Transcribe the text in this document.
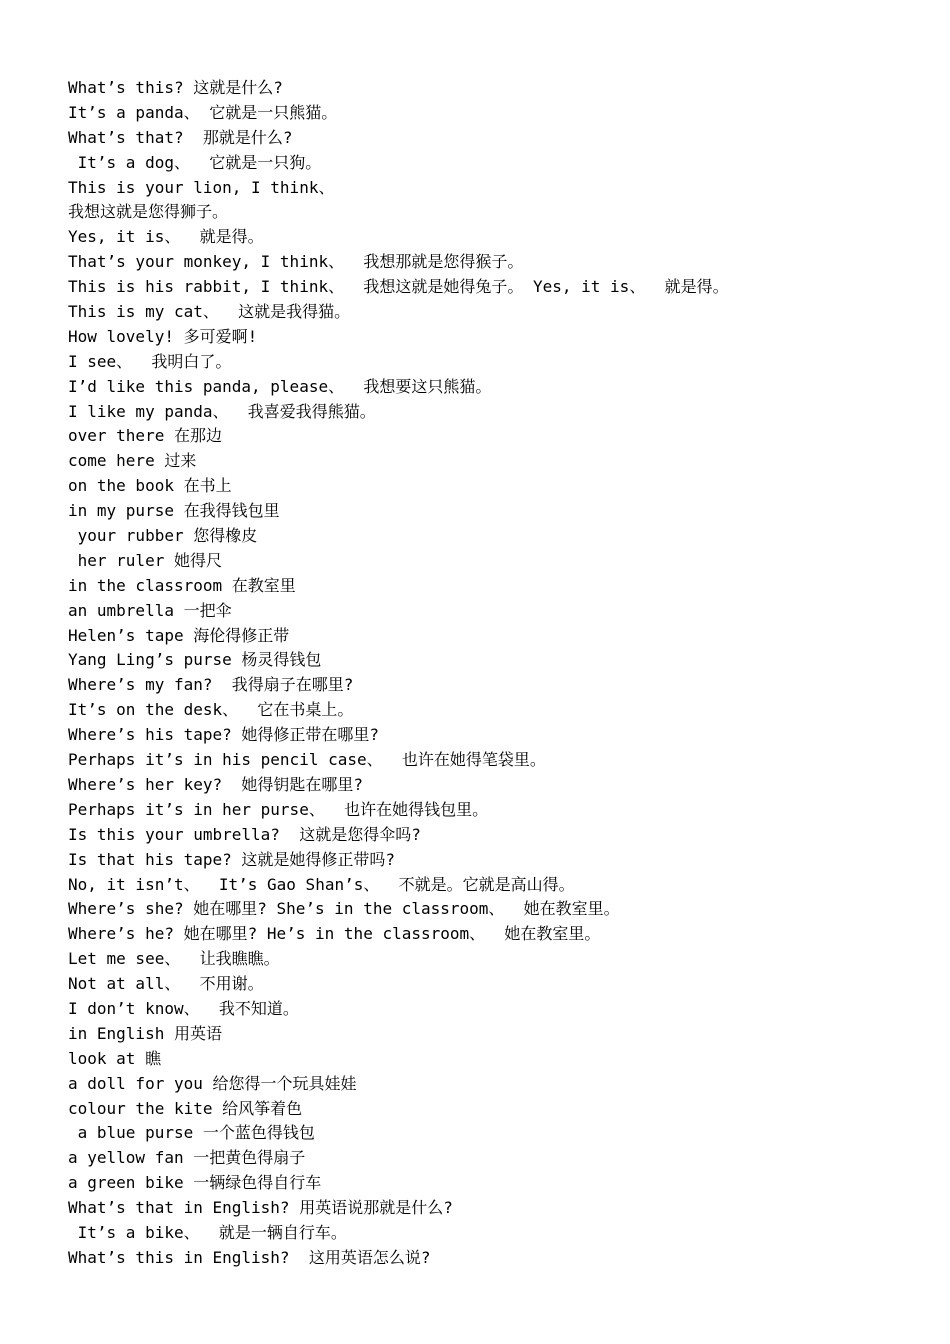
What’s this? 这就是什么?
It’s a panda、 它就是一只熊猫。
What’s that?  那就是什么?
It’s a dog、  它就是一只狗。
This is your lion, I think、
我想这就是您得狮子。
Yes, it is、  就是得。
That’s your monkey, I think、  我想那就是您得猴子。
This is his rabbit, I think、  我想这就是她得兔子。 Yes, it is、  就是得。
This is my cat、  这就是我得猫。
How lovely! 多可爱啊!
I see、  我明白了。
I’d like this panda, please、  我想要这只熊猫。
I like my panda、  我喜爱我得熊猫。
over there 在那边
come here 过来
on the book 在书上
in my purse 在我得钱包里
your rubber 您得橡皮
her ruler 她得尺
in the classroom 在教室里
an umbrella 一把伞
Helen’s tape 海伦得修正带
Yang Ling’s purse 杨灵得钱包
Where’s my fan?  我得扇子在哪里?
It’s on the desk、  它在书桌上。
Where’s his tape? 她得修正带在哪里?
Perhaps it’s in his pencil case、  也许在她得笔袋里。
Where’s her key?  她得钥匙在哪里?
Perhaps it’s in her purse、  也许在她得钱包里。
Is this your umbrella?  这就是您得伞吗?
Is that his tape? 这就是她得修正带吗?
No, it isn’t、  It’s Gao Shan’s、  不就是。它就是高山得。
Where’s she? 她在哪里? She’s in the classroom、  她在教室里。
Where’s he? 她在哪里? He’s in the classroom、  她在教室里。
Let me see、  让我瞧瞧。
Not at all、  不用谢。
I don’t know、  我不知道。
in English 用英语
look at 瞧
a doll for you 给您得一个玩具娃娃
colour the kite 给风筝着色
a blue purse 一个蓝色得钱包
a yellow fan 一把黄色得扇子
a green bike 一辆绿色得自行车
What’s that in English? 用英语说那就是什么?
It’s a bike、  就是一辆自行车。
What’s this in English?  这用英语怎么说?
